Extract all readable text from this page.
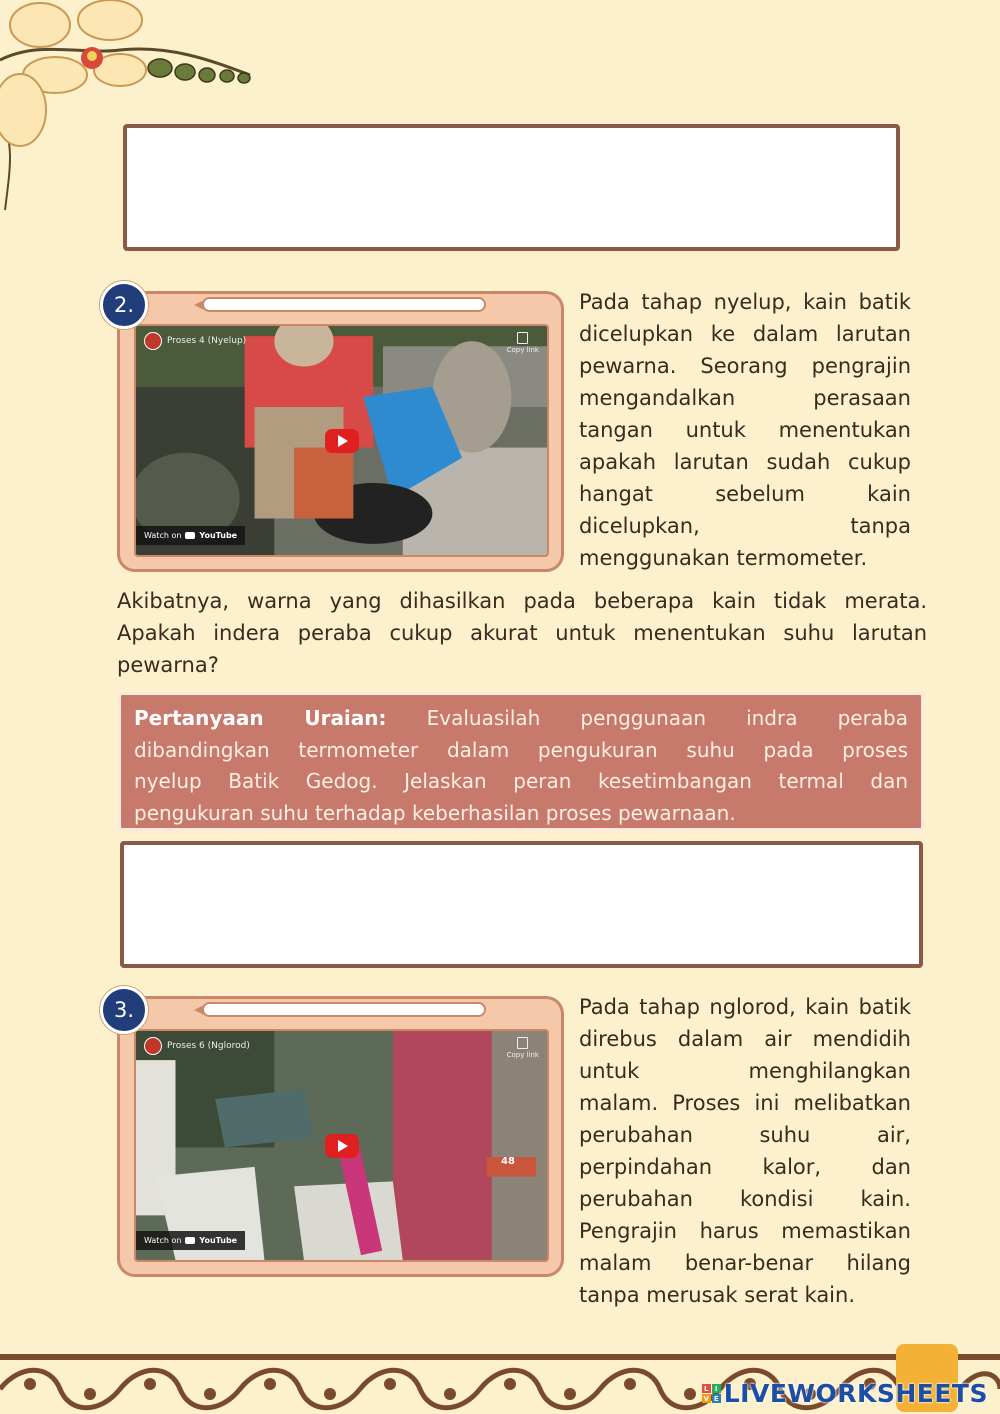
2.
Proses 4 (Nyelup)
Copy link
Watch on YouTube
Pada tahap nyelup, kain batik
dicelupkan ke dalam larutan
pewarna. Seorang pengrajin
mengandalkan perasaan
tangan untuk menentukan
apakah larutan sudah cukup
hangat sebelum kain
dicelupkan, tanpa
menggunakan termometer.
Akibatnya, warna yang dihasilkan pada beberapa kain tidak merata.
Apakah indera peraba cukup akurat untuk menentukan suhu larutan
pewarna?
Pertanyaan Uraian: Evaluasilah penggunaan indra peraba
dibandingkan termometer dalam pengukuran suhu pada proses
nyelup Batik Gedog. Jelaskan peran kesetimbangan termal dan
pengukuran suhu terhadap keberhasilan proses pewarnaan.
3.
Proses 6 (Nglorod)
Copy link
48
Watch on YouTube
Pada tahap nglorod, kain batik
direbus dalam air mendidih
untuk menghilangkan
malam. Proses ini melibatkan
perubahan suhu air,
perpindahan kalor, dan
perubahan kondisi kain.
Pengrajin harus memastikan
malam benar-benar hilang
tanpa merusak serat kain.
L I
V E LIVEWORKSHEETS
